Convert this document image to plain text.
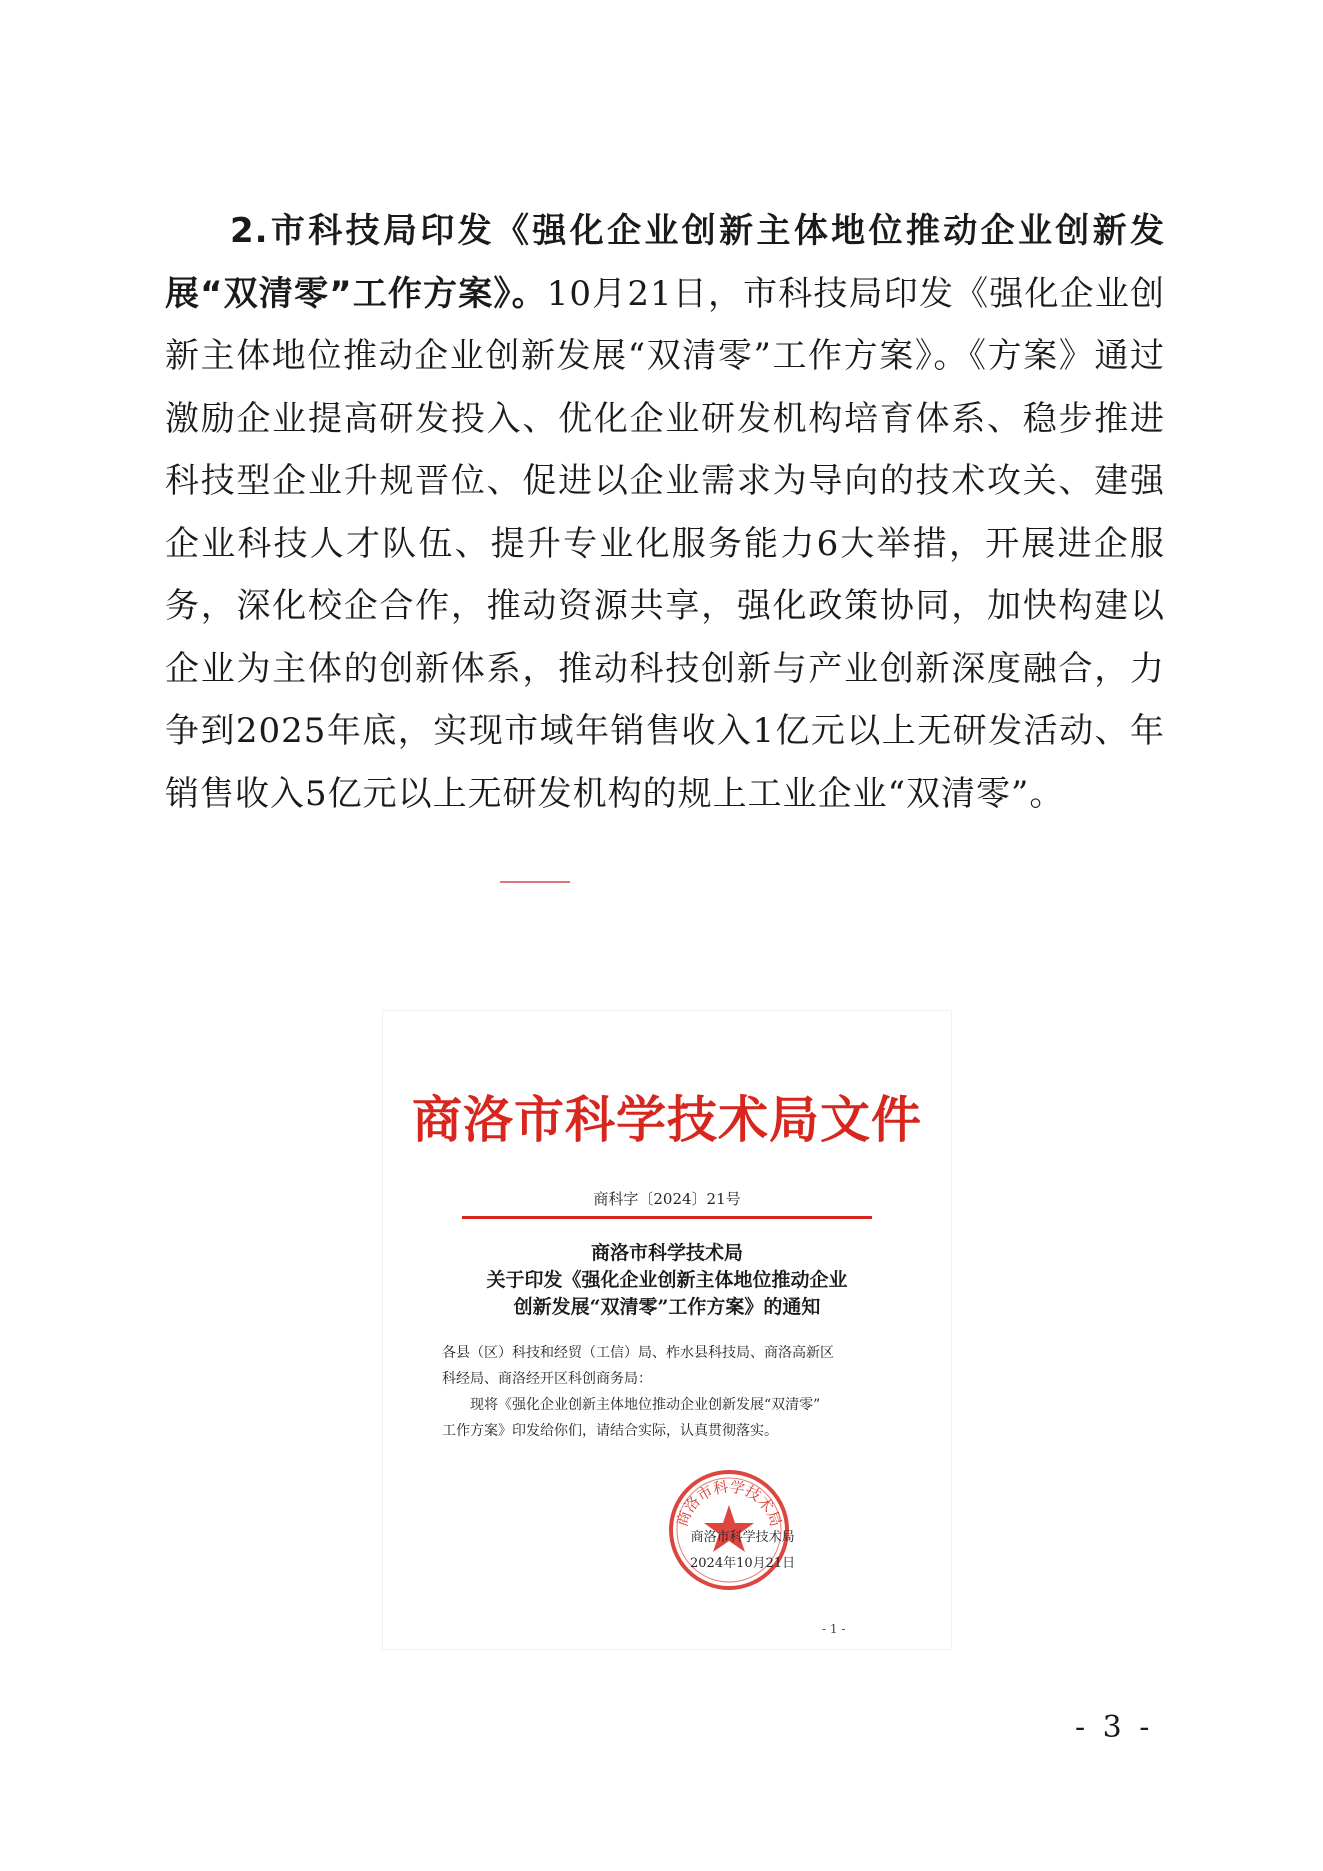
2.市科技局印发《强化企业创新主体地位推动企业创新发展“双清零”工作方案》。10月21日，市科技局印发《强化企业创新主体地位推动企业创新发展“双清零”工作方案》。《方案》通过激励企业提高研发投入、优化企业研发机构培育体系、稳步推进科技型企业升规晋位、促进以企业需求为导向的技术攻关、建强企业科技人才队伍、提升专业化服务能力6大举措，开展进企服务，深化校企合作，推动资源共享，强化政策协同，加快构建以企业为主体的创新体系，推动科技创新与产业创新深度融合，力争到2025年底，实现市域年销售收入1亿元以上无研发活动、年销售收入5亿元以上无研发机构的规上工业企业“双清零”。
商洛市科学技术局文件
商科字〔2024〕21号
商洛市科学技术局
关于印发《强化企业创新主体地位推动企业
创新发展“双清零”工作方案》的通知

各县（区）科技和经贸（工信）局、柞水县科技局、商洛高新区

科经局、商洛经开区科创商务局：

现将《强化企业创新主体地位推动企业创新发展“双清零”

工作方案》印发给你们，请结合实际，认真贯彻落实。

商洛市科学技术局
商洛市科学技术局
2024年10月21日
- 1 -
- 3 -
